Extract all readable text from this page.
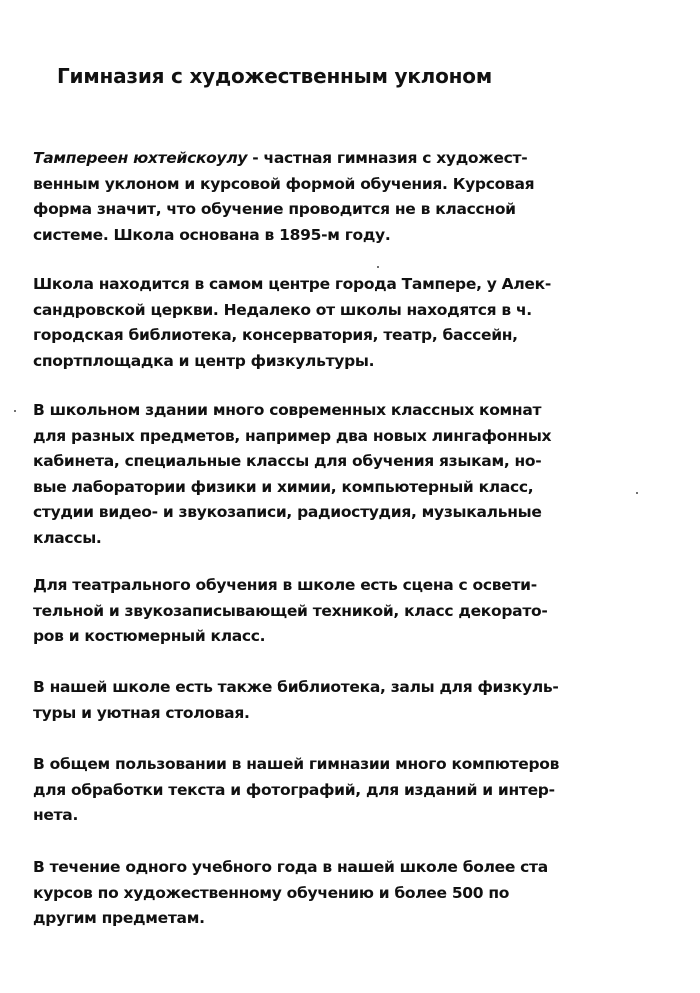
Гимназия с художественным уклоном

Тампереен юхтейскоулу - частная гимназия с художест-
венным уклоном и курсовой формой обучения. Курсовая
форма значит, что обучение проводится не в классной
системе. Школа основана в 1895-м году.

Школа находится в самом центре города Тампере, у Алек-
сандровской церкви. Недалеко от школы находятся в ч.
городская библиотека, консерватория, театр, бассейн,
спортплощадка и центр физкультуры.

В школьном здании много современных классных комнат
для разных предметов, например два новых лингафонных
кабинета, специальные классы для обучения языкам, но-
вые лаборатории физики и химии, компьютерный класс,
студии видео- и звукозаписи, радиостудия, музыкальные
классы.

Для театрального обучения в школе есть сцена с освети-
тельной и звукозаписывающей техникой, класс декорато-
ров и костюмерный класс.

В нашей школе есть также библиотека, залы для физкуль-
туры и уютная столовая.

В общем пользовании в нашей гимназии много компютеров
для обработки текста и фотографий, для изданий и интер-
нета.

В течение одного учебного года в нашей школе более ста
курсов по художественному обучению и более 500 по
другим предметам.
